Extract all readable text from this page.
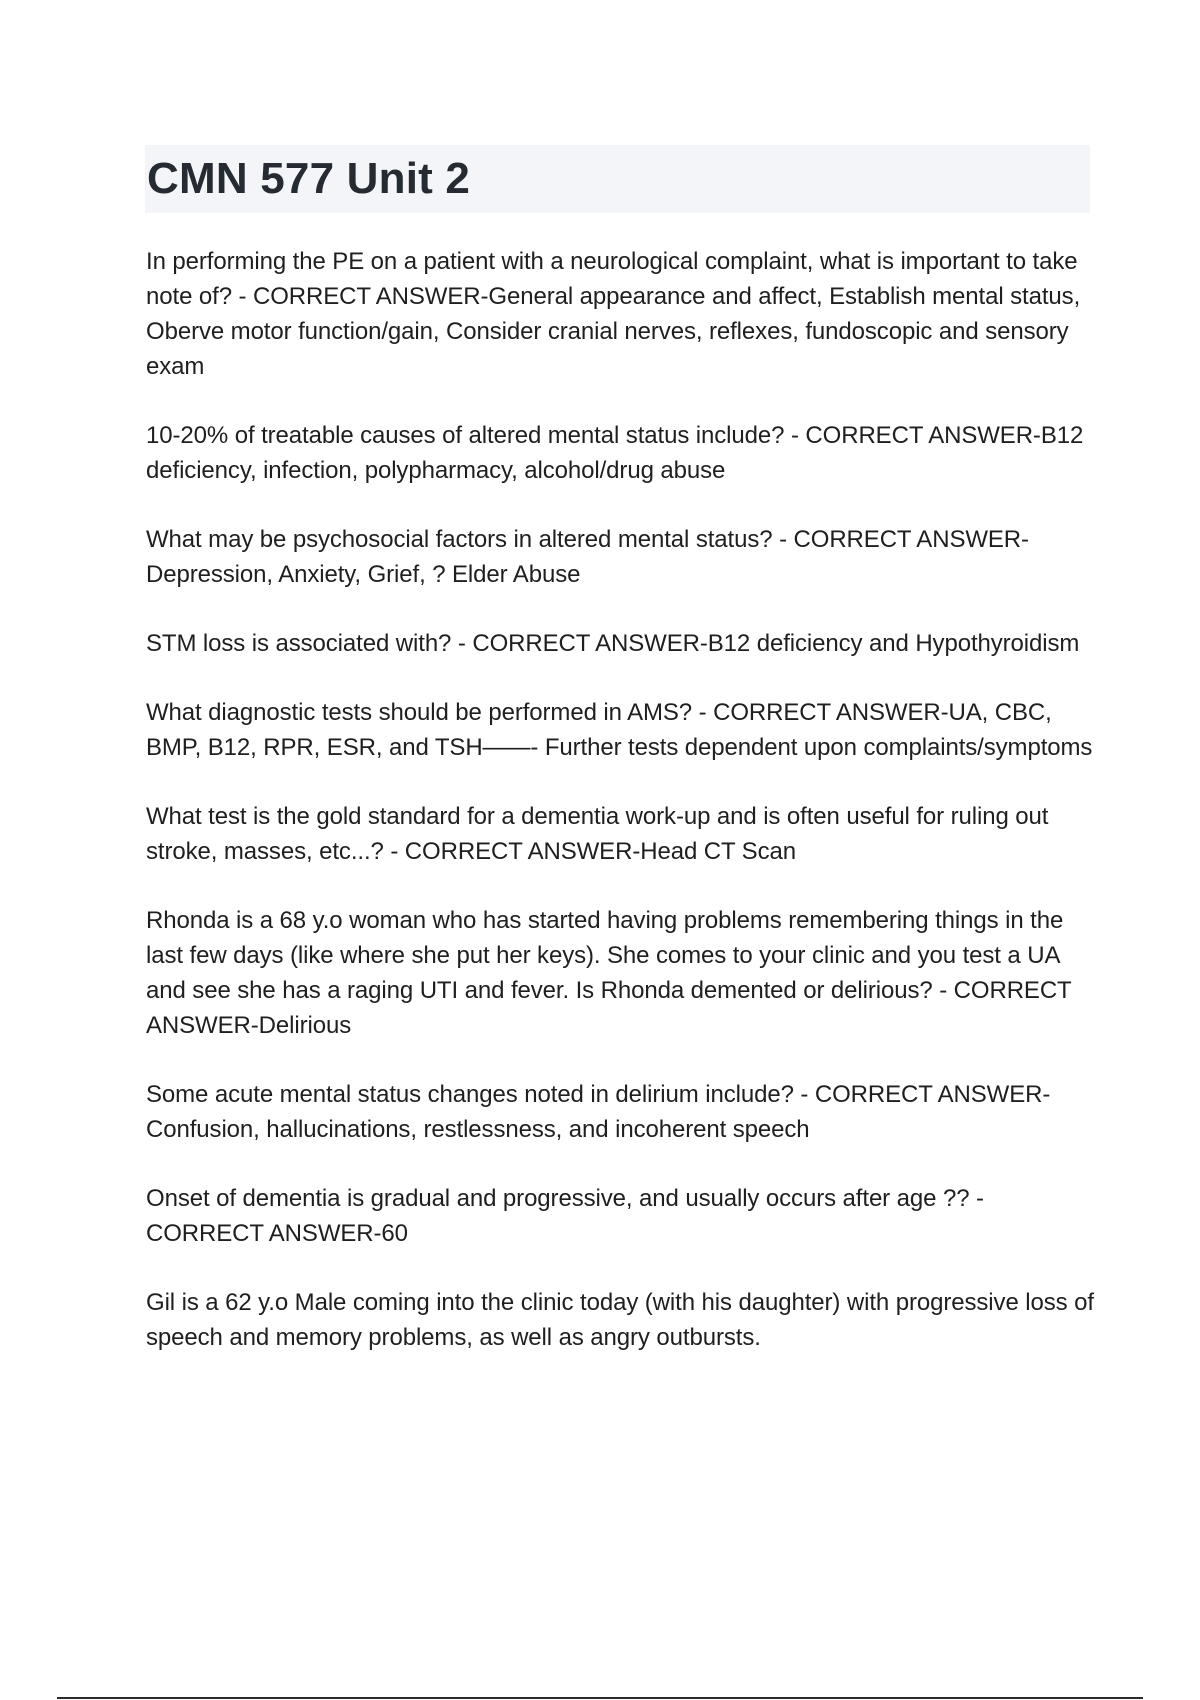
CMN 577 Unit 2

In performing the PE on a patient with a neurological complaint, what is important to take note of? - CORRECT ANSWER-General appearance and affect, Establish mental status, Oberve motor function/gain, Consider cranial nerves, reflexes, fundoscopic and sensory exam

10-20% of treatable causes of altered mental status include? - CORRECT ANSWER-B12 deficiency, infection, polypharmacy, alcohol/drug abuse

What may be psychosocial factors in altered mental status? - CORRECT ANSWER-Depression, Anxiety, Grief, ? Elder Abuse

STM loss is associated with? - CORRECT ANSWER-B12 deficiency and Hypothyroidism

What diagnostic tests should be performed in AMS? - CORRECT ANSWER-UA, CBC, BMP, B12, RPR, ESR, and TSH——- Further tests dependent upon complaints/symptoms

What test is the gold standard for a dementia work-up and is often useful for ruling out stroke, masses, etc...? - CORRECT ANSWER-Head CT Scan

Rhonda is a 68 y.o woman who has started having problems remembering things in the last few days (like where she put her keys). She comes to your clinic and you test a UA and see she has a raging UTI and fever. Is Rhonda demented or delirious? - CORRECT ANSWER-Delirious

Some acute mental status changes noted in delirium include? - CORRECT ANSWER-Confusion, hallucinations, restlessness, and incoherent speech

Onset of dementia is gradual and progressive, and usually occurs after age ?? - CORRECT ANSWER-60

Gil is a 62 y.o Male coming into the clinic today (with his daughter) with progressive loss of speech and memory problems, as well as angry outbursts.
